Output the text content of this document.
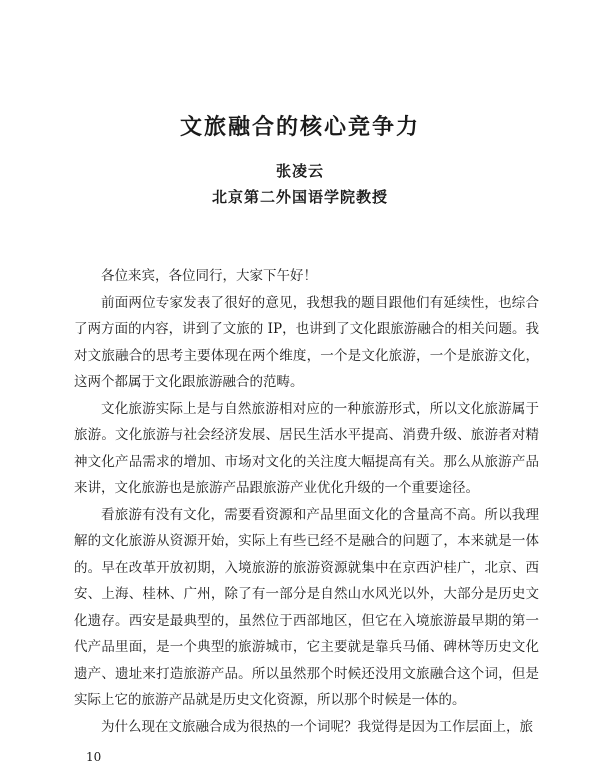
文旅融合的核心竞争力
张凌云
北京第二外国语学院教授

各位来宾，各位同行，大家下午好！

前面两位专家发表了很好的意见，我想我的题目跟他们有延续性，也综合了两方面的内容，讲到了文旅的 IP，也讲到了文化跟旅游融合的相关问题。我对文旅融合的思考主要体现在两个维度，一个是文化旅游，一个是旅游文化，这两个都属于文化跟旅游融合的范畴。

文化旅游实际上是与自然旅游相对应的一种旅游形式，所以文化旅游属于旅游。文化旅游与社会经济发展、居民生活水平提高、消费升级、旅游者对精神文化产品需求的增加、市场对文化的关注度大幅提高有关。那么从旅游产品来讲，文化旅游也是旅游产品跟旅游产业优化升级的一个重要途径。

看旅游有没有文化，需要看资源和产品里面文化的含量高不高。所以我理解的文化旅游从资源开始，实际上有些已经不是融合的问题了，本来就是一体的。早在改革开放初期，入境旅游的旅游资源就集中在京西沪桂广，北京、西安、上海、桂林、广州，除了有一部分是自然山水风光以外，大部分是历史文化遗存。西安是最典型的，虽然位于西部地区，但它在入境旅游最早期的第一代产品里面，是一个典型的旅游城市，它主要就是靠兵马俑、碑林等历史文化遗产、遗址来打造旅游产品。所以虽然那个时候还没用文旅融合这个词，但是实际上它的旅游产品就是历史文化资源，所以那个时候是一体的。

为什么现在文旅融合成为很热的一个词呢？我觉得是因为工作层面上，旅

10
